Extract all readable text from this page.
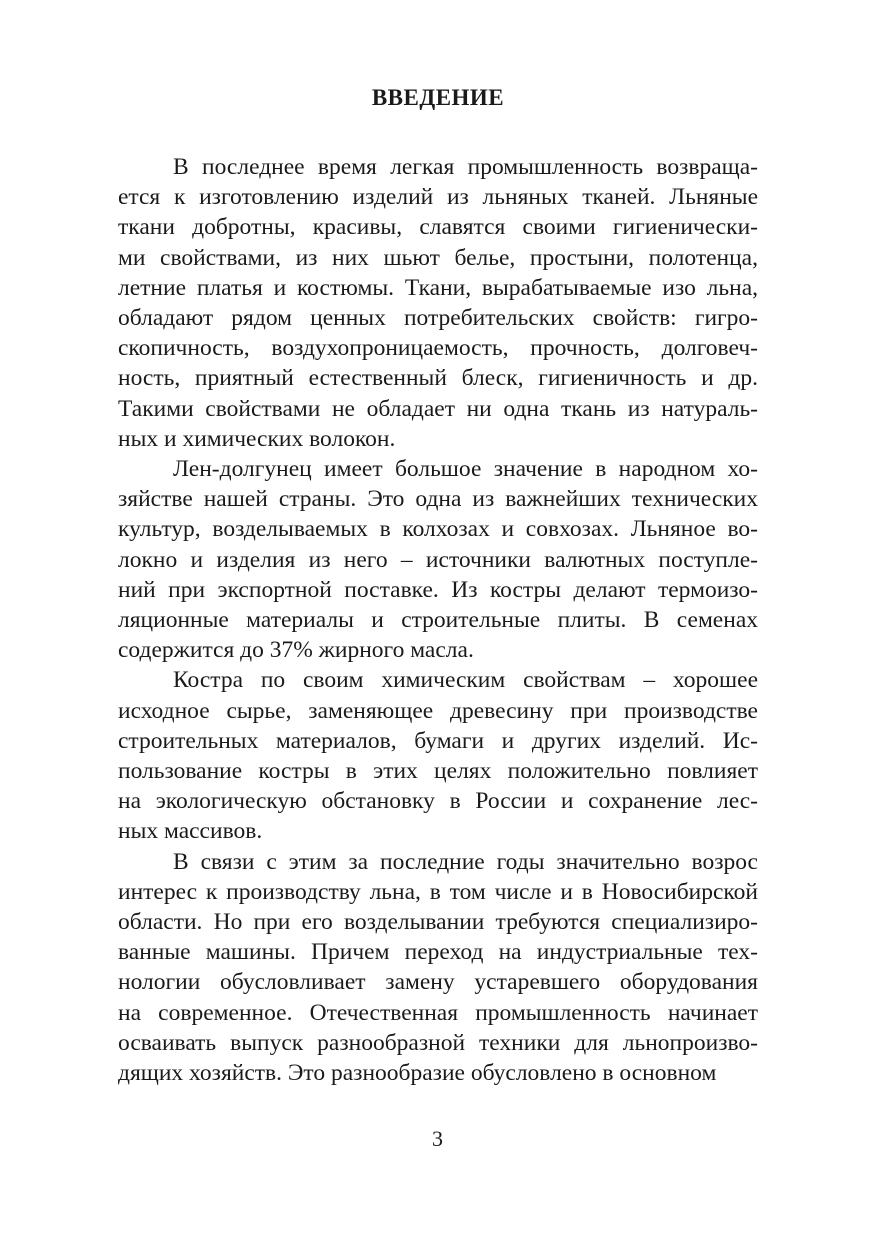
ВВЕДЕНИЕ
В последнее время легкая промышленность возвраща-
ется к изготовлению изделий из льняных тканей. Льняные
ткани добротны, красивы, славятся своими гигиенически-
ми свойствами, из них шьют белье, простыни, полотенца,
летние платья и костюмы. Ткани, вырабатываемые изо льна,
обладают рядом ценных потребительских свойств: гигро-
скопичность, воздухопроницаемость, прочность, долговеч-
ность, приятный естественный блеск, гигиеничность и др.
Такими свойствами не обладает ни одна ткань из натураль-
ных и химических волокон.
Лен-долгунец имеет большое значение в народном хо-
зяйстве нашей страны. Это одна из важнейших технических
культур, возделываемых в колхозах и совхозах. Льняное во-
локно и изделия из него – источники валютных поступле-
ний при экспортной поставке. Из костры делают термоизо-
ляционные материалы и строительные плиты. В семенах
содержится до 37% жирного масла.
Костра по своим химическим свойствам – хорошее
исходное сырье, заменяющее древесину при производстве
строительных материалов, бумаги и других изделий. Ис-
пользование костры в этих целях положительно повлияет
на экологическую обстановку в России и сохранение лес-
ных массивов.
В связи с этим за последние годы значительно возрос
интерес к производству льна, в том числе и в Новосибирской
области. Но при его возделывании требуются специализиро-
ванные машины. Причем переход на индустриальные тех-
нологии обусловливает замену устаревшего оборудования
на современное. Отечественная промышленность начинает
осваивать выпуск разнообразной техники для льнопроизво-
дящих хозяйств. Это разнообразие обусловлено в основном
3
